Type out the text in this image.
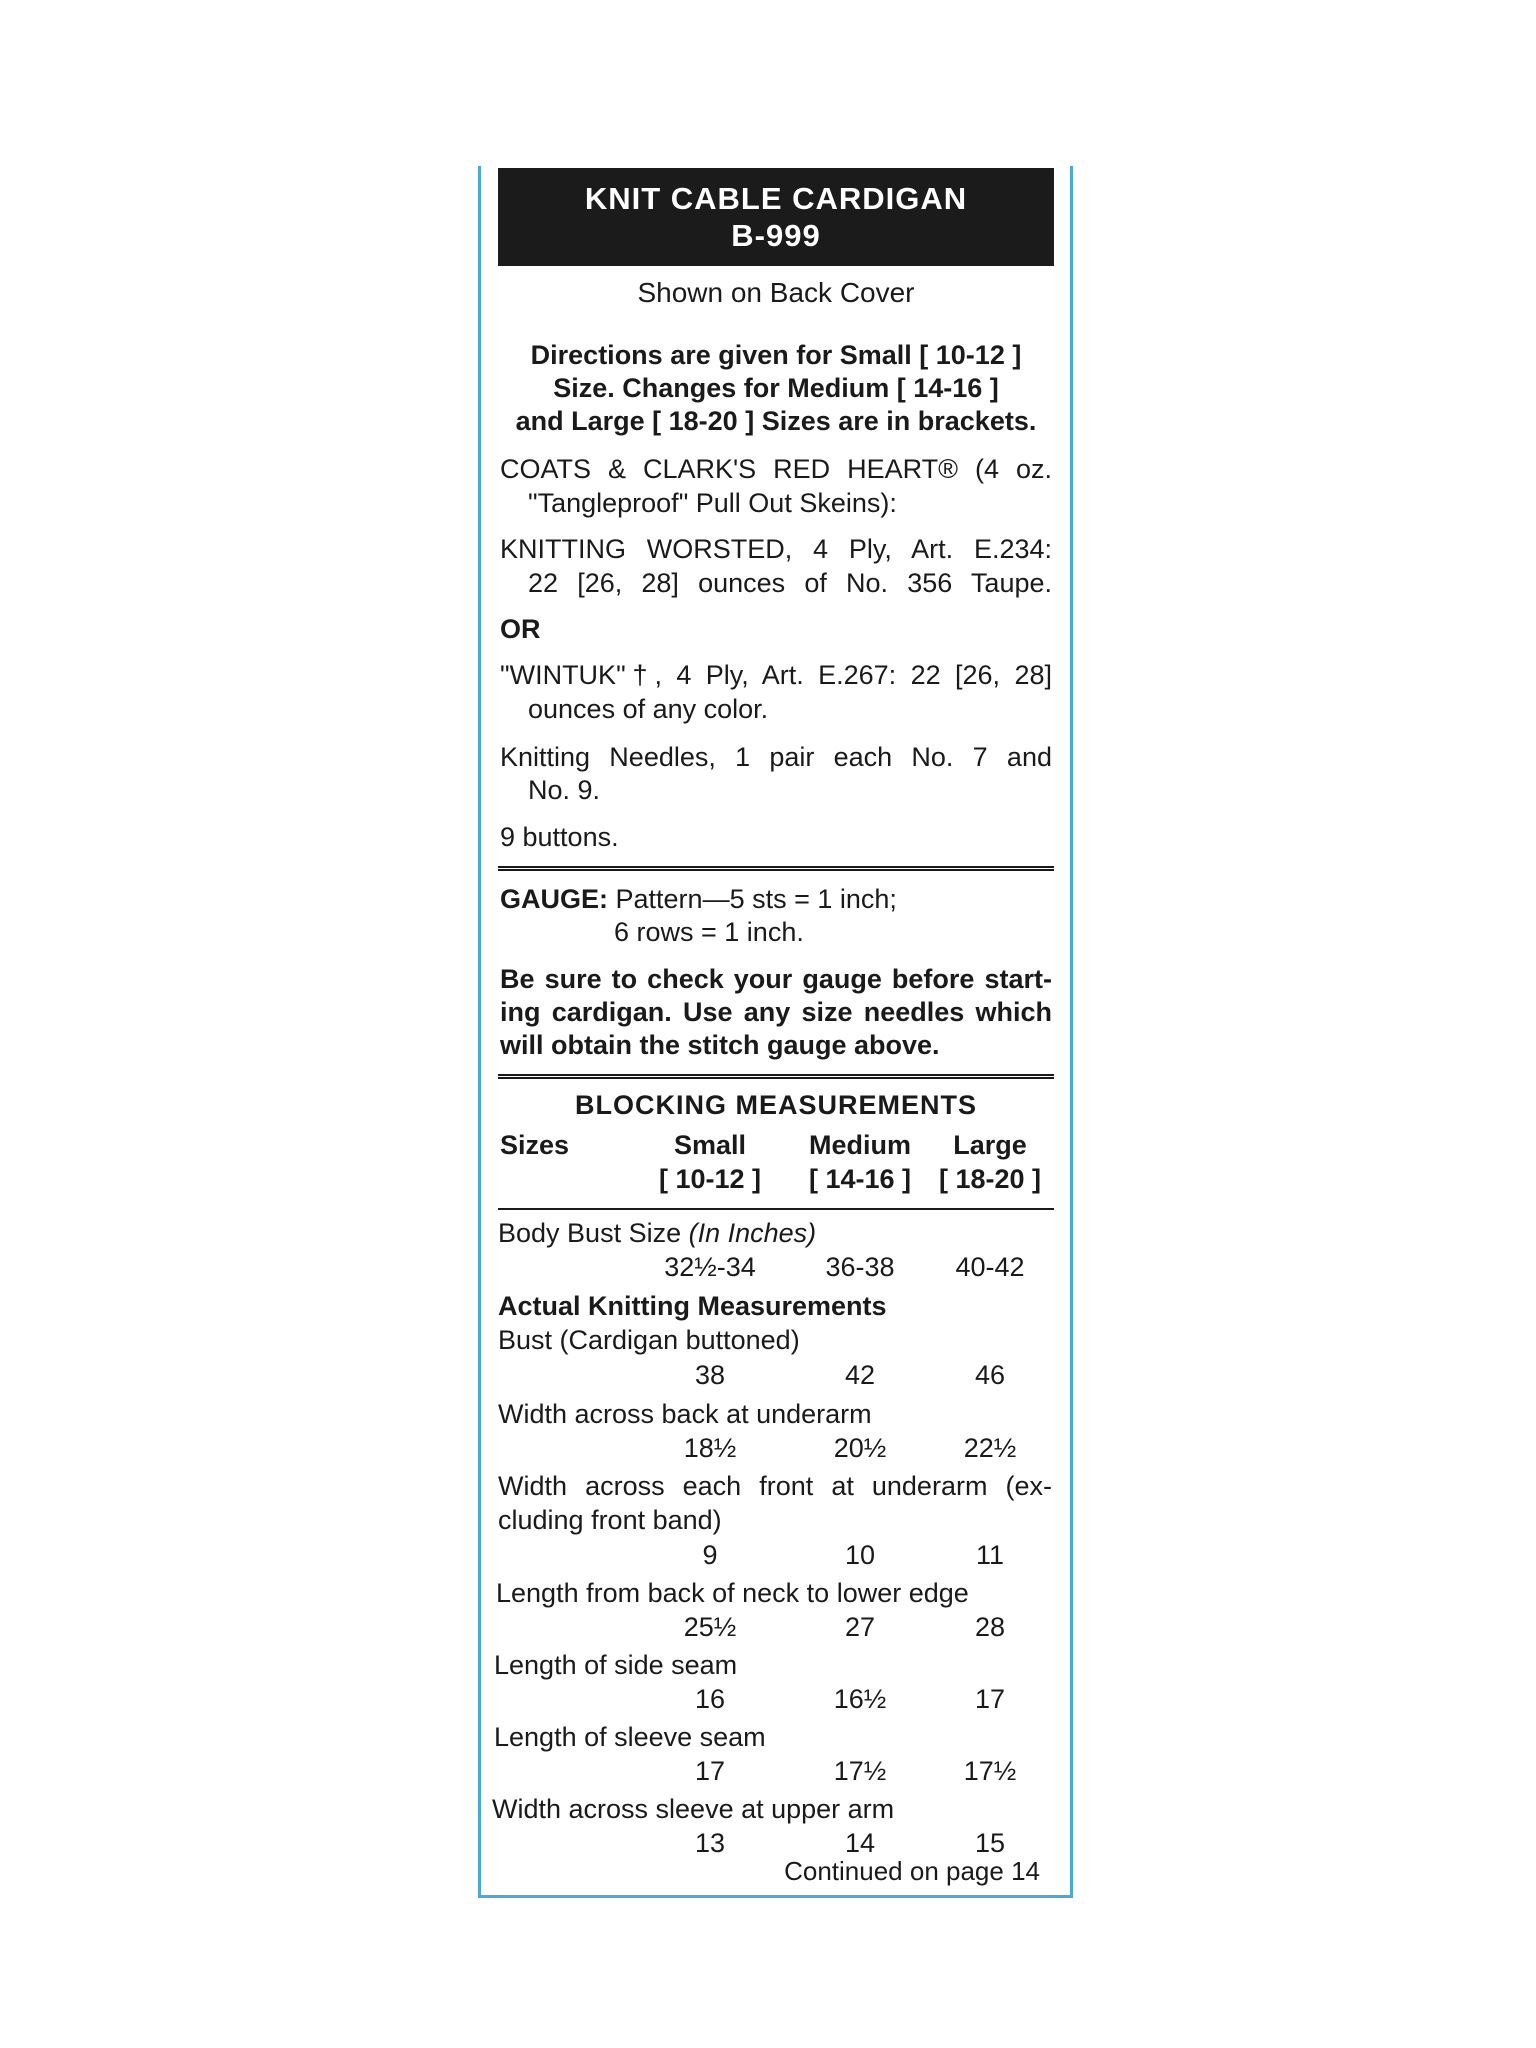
KNIT CABLE CARDIGAN
B-999
Shown on Back Cover
Directions are given for Small [ 10-12 ]
Size. Changes for Medium [ 14-16 ]
and Large [ 18-20 ] Sizes are in brackets.
COATS & CLARK'S RED HEART® (4 oz.
"Tangleproof" Pull Out Skeins):
KNITTING WORSTED, 4 Ply, Art. E.234:
22 [26, 28] ounces of No. 356 Taupe.
OR
"WINTUK"†, 4 Ply, Art. E.267: 22 [26, 28]
ounces of any color.
Knitting Needles, 1 pair each No. 7 and
No. 9.
9 buttons.
GAUGE: Pattern—5 sts = 1 inch;
6 rows = 1 inch.
Be sure to check your gauge before start-
ing cardigan. Use any size needles which
will obtain the stitch gauge above.
BLOCKING MEASUREMENTS
Sizes	Small	Medium	Large
[ 10-12 ]	[ 14-16 ]	[ 18-20 ]
Body Bust Size (In Inches)
32½-34	36-38	40-42
Actual Knitting Measurements
Bust (Cardigan buttoned)
38	42	46
Width across back at underarm
18½	20½	22½
Width across each front at underarm (ex-
cluding front band)
9	10	11
Length from back of neck to lower edge
25½	27	28
Length of side seam
16	16½	17
Length of sleeve seam
17	17½	17½
Width across sleeve at upper arm
13	14	15
Continued on page 14
